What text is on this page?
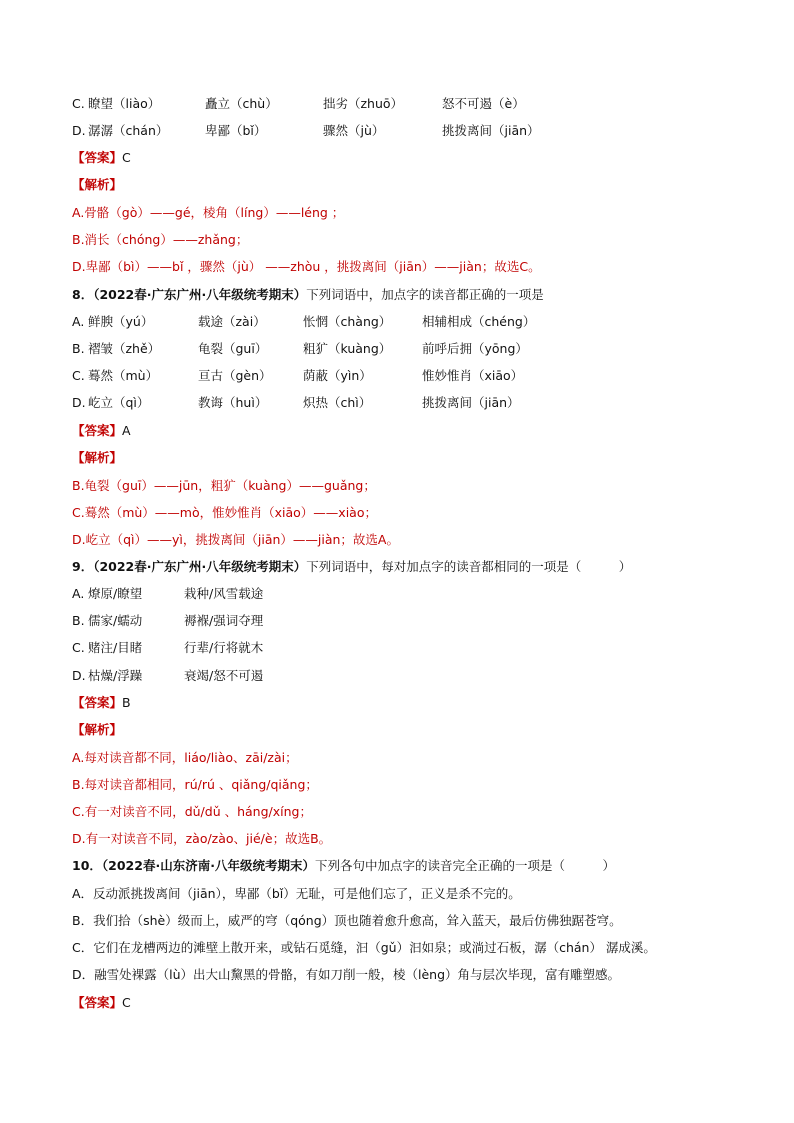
C. 瞭望（liào）	矗立（chù）	拙劣（zhuō）	怒不可遏（è）
D. 潺潺（chán）	卑鄙（bǐ）	骤然（jù）	挑拨离间（jiān）
【答案】C
【解析】
A.骨骼（gò）——gé，棱角（líng）——léng ；
B.消长（chóng）——zhǎng；
D.卑鄙（bì）——bǐ ，骤然（jù） ——zhòu ，挑拨离间（jiān）——jiàn；故选C。
8．（2022春·广东广州·八年级统考期末）下列词语中，加点字的读音都正确的一项是
A. 鲜腴（yú）	载途（zài）	怅惘（chàng） 相辅相成（chéng）
B. 褶皱（zhě）	龟裂（guī）	粗犷（kuàng） 前呼后拥（yōng）
C. 蓦然（mù）	亘古（gèn）	荫蔽（yìn）	惟妙惟肖（xiāo）
D. 屹立（qì）	教诲（huì）	炽热（chì）	挑拨离间（jiān）
【答案】A
【解析】
B.龟裂（guī）——jūn，粗犷（kuàng）——guǎng；
C.蓦然（mù）——mò，惟妙惟肖（xiāo）——xiào；
D.屹立（qì）——yì，挑拨离间（jiān）——jiàn；故选A。
9．（2022春·广东广州·八年级统考期末）下列词语中，每对加点字的读音都相同的一项是（　　　）
A. 燎原/瞭望	栽种/风雪载途
B. 儒家/蠕动	褥褓/强词夺理
C. 赌注/目睹	行辈/行将就木
D. 枯燥/浮躁	衰竭/怒不可遏
【答案】B
【解析】
A.每对读音都不同，liáo/liào、zāi/zài；
B.每对读音都相同，rú/rú 、qiǎng/qiǎng；
C.有一对读音不同，dǔ/dǔ 、háng/xíng；
D.有一对读音不同，zào/zào、jié/è；故选B。
10．（2022春·山东济南·八年级统考期末）下列各句中加点字的读音完全正确的一项是（　　　）
A．反动派挑拨离间（jiān），卑鄙（bǐ）无耻，可是他们忘了，正义是杀不完的。
B．我们拾（shè）级而上，威严的穹（qóng）顶也随着愈升愈高，耸入蓝天，最后仿佛独踞苍穹。
C．它们在龙槽两边的滩壁上散开来，或钻石觅缝，汩（gǔ）汩如泉；或淌过石板，潺（chán） 潺成溪。
D．融雪处裸露（lù）出大山黧黑的骨骼，有如刀削一般，棱（lèng）角与层次毕现，富有雕塑感。
【答案】C
